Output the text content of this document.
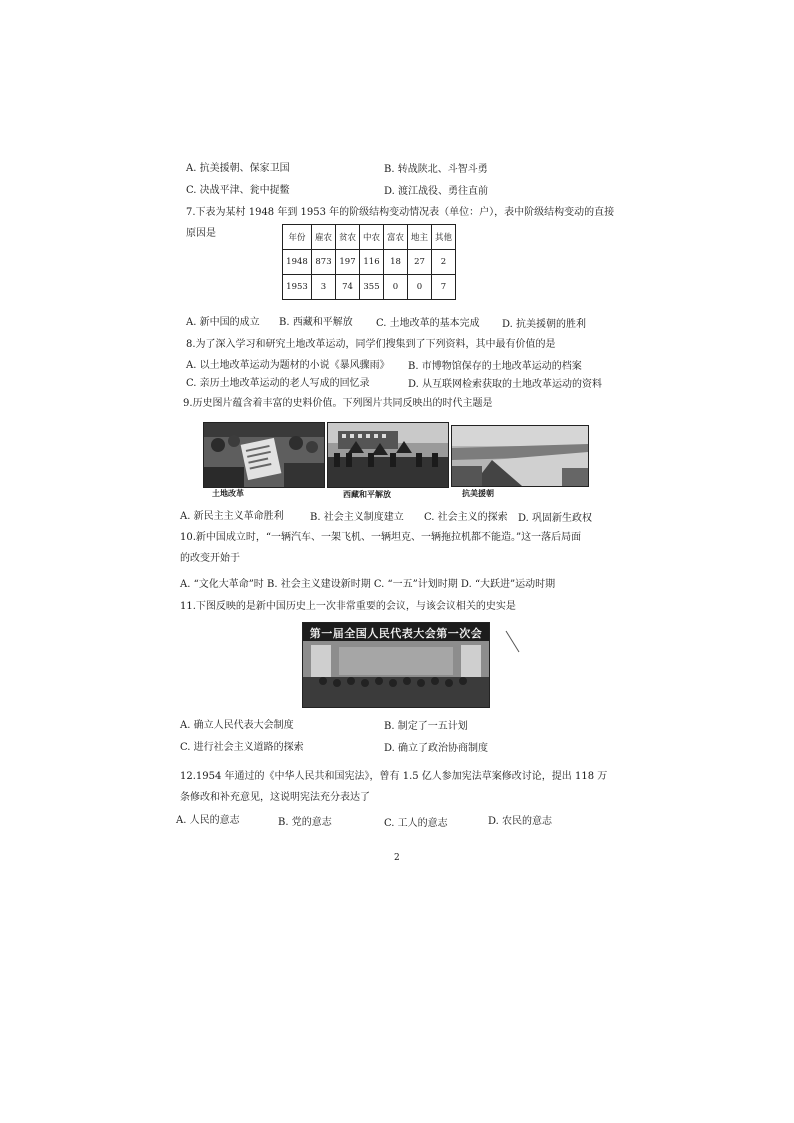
A. 抗美援朝、保家卫国	B. 转战陕北、斗智斗勇
C. 决战平津、瓮中捉鳖	D. 渡江战役、勇往直前
7.下表为某村 1948 年到 1953 年的阶级结构变动情况表（单位：户），表中阶级结构变动的直接
原因是	年份	雇农	贫农	中农	富农	地主	其他
1948	873	197	116	18	27	2
1953	3	74	355	0	0	7
A. 新中国的成立 B. 西藏和平解放 C. 土地改革的基本完成 D. 抗美援朝的胜利
8.为了深入学习和研究土地改革运动，同学们搜集到了下列资料，其中最有价值的是
A. 以土地改革运动为题材的小说《暴风骤雨》 B. 市博物馆保存的土地改革运动的档案
C. 亲历土地改革运动的老人写成的回忆录	D. 从互联网检索获取的土地改革运动的资料
9.历史图片蕴含着丰富的史料价值。下列图片共同反映出的时代主题是
土地改革	西藏和平解放	抗美援朝
A. 新民主主义革命胜利	B. 社会主义制度建立 C. 社会主义的探索 D. 巩固新生政权
10.新中国成立时，“一辆汽车、一架飞机、一辆坦克、一辆拖拉机都不能造。”这一落后局面
的改变开始于
A. “文化大革命”时 B. 社会主义建设新时期 C. “一五”计划时期 D. “大跃进”运动时期
11.下图反映的是新中国历史上一次非常重要的会议，与该会议相关的史实是
第一届全国人民代表大会第一次会
A. 确立人民代表大会制度	B. 制定了一五计划
C. 进行社会主义道路的探索	D. 确立了政治协商制度
12.1954 年通过的《中华人民共和国宪法》，曾有 1.5 亿人参加宪法草案修改讨论，提出 118 万
条修改和补充意见，这说明宪法充分表达了
A. 人民的意志	B. 党的意志	C. 工人的意志	D. 农民的意志
2
